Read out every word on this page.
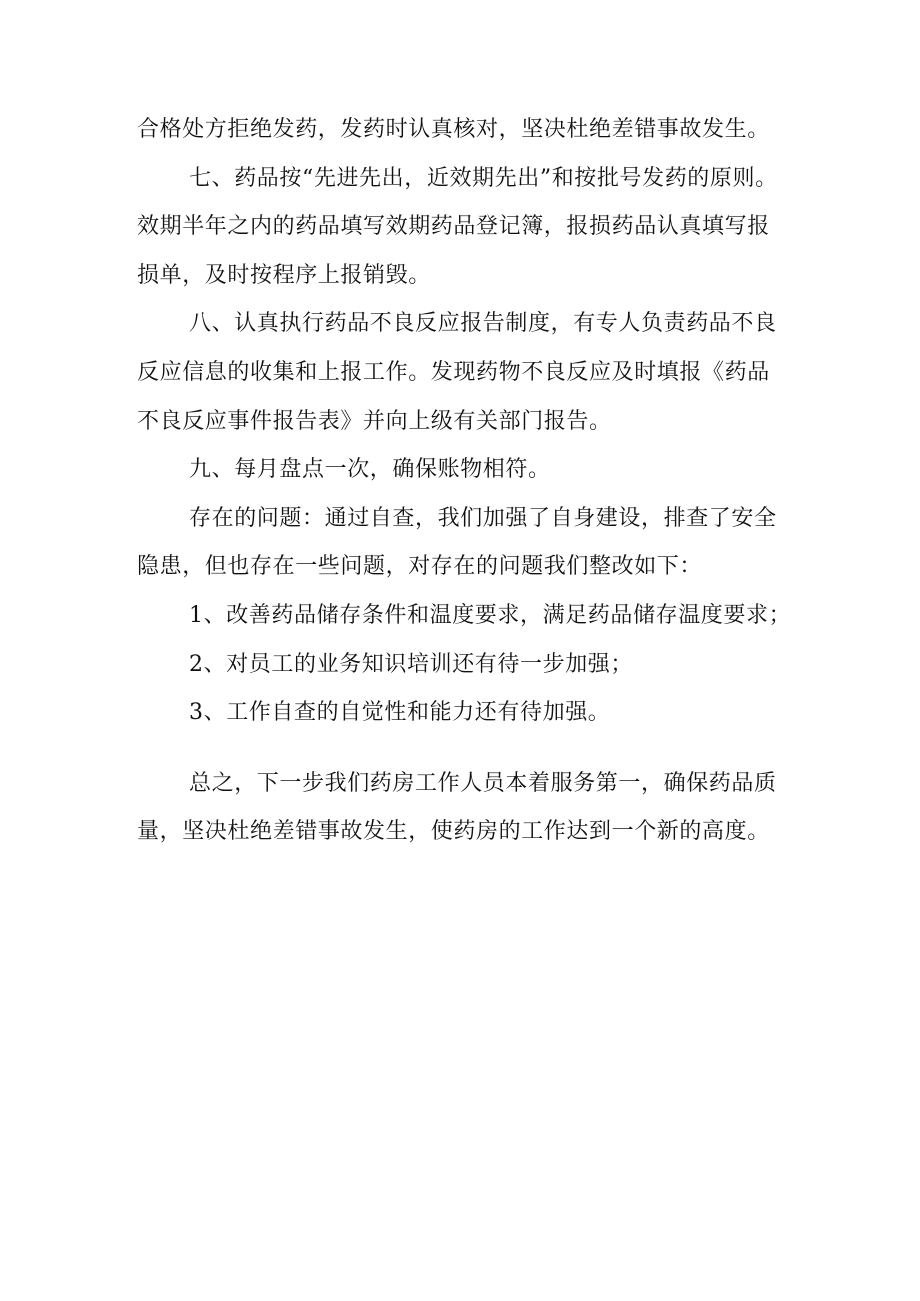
合格处方拒绝发药，发药时认真核对，坚决杜绝差错事故发生。

七、药品按“先进先出，近效期先出”和按批号发药的原则。

效期半年之内的药品填写效期药品登记簿，报损药品认真填写报

损单，及时按程序上报销毁。

八、认真执行药品不良反应报告制度，有专人负责药品不良

反应信息的收集和上报工作。发现药物不良反应及时填报《药品

不良反应事件报告表》并向上级有关部门报告。

九、每月盘点一次，确保账物相符。

存在的问题：通过自查，我们加强了自身建设，排查了安全

隐患，但也存在一些问题，对存在的问题我们整改如下：

1、改善药品储存条件和温度要求，满足药品储存温度要求；

2、对员工的业务知识培训还有待一步加强；

3、工作自查的自觉性和能力还有待加强。

总之，下一步我们药房工作人员本着服务第一，确保药品质

量，坚决杜绝差错事故发生，使药房的工作达到一个新的高度。
